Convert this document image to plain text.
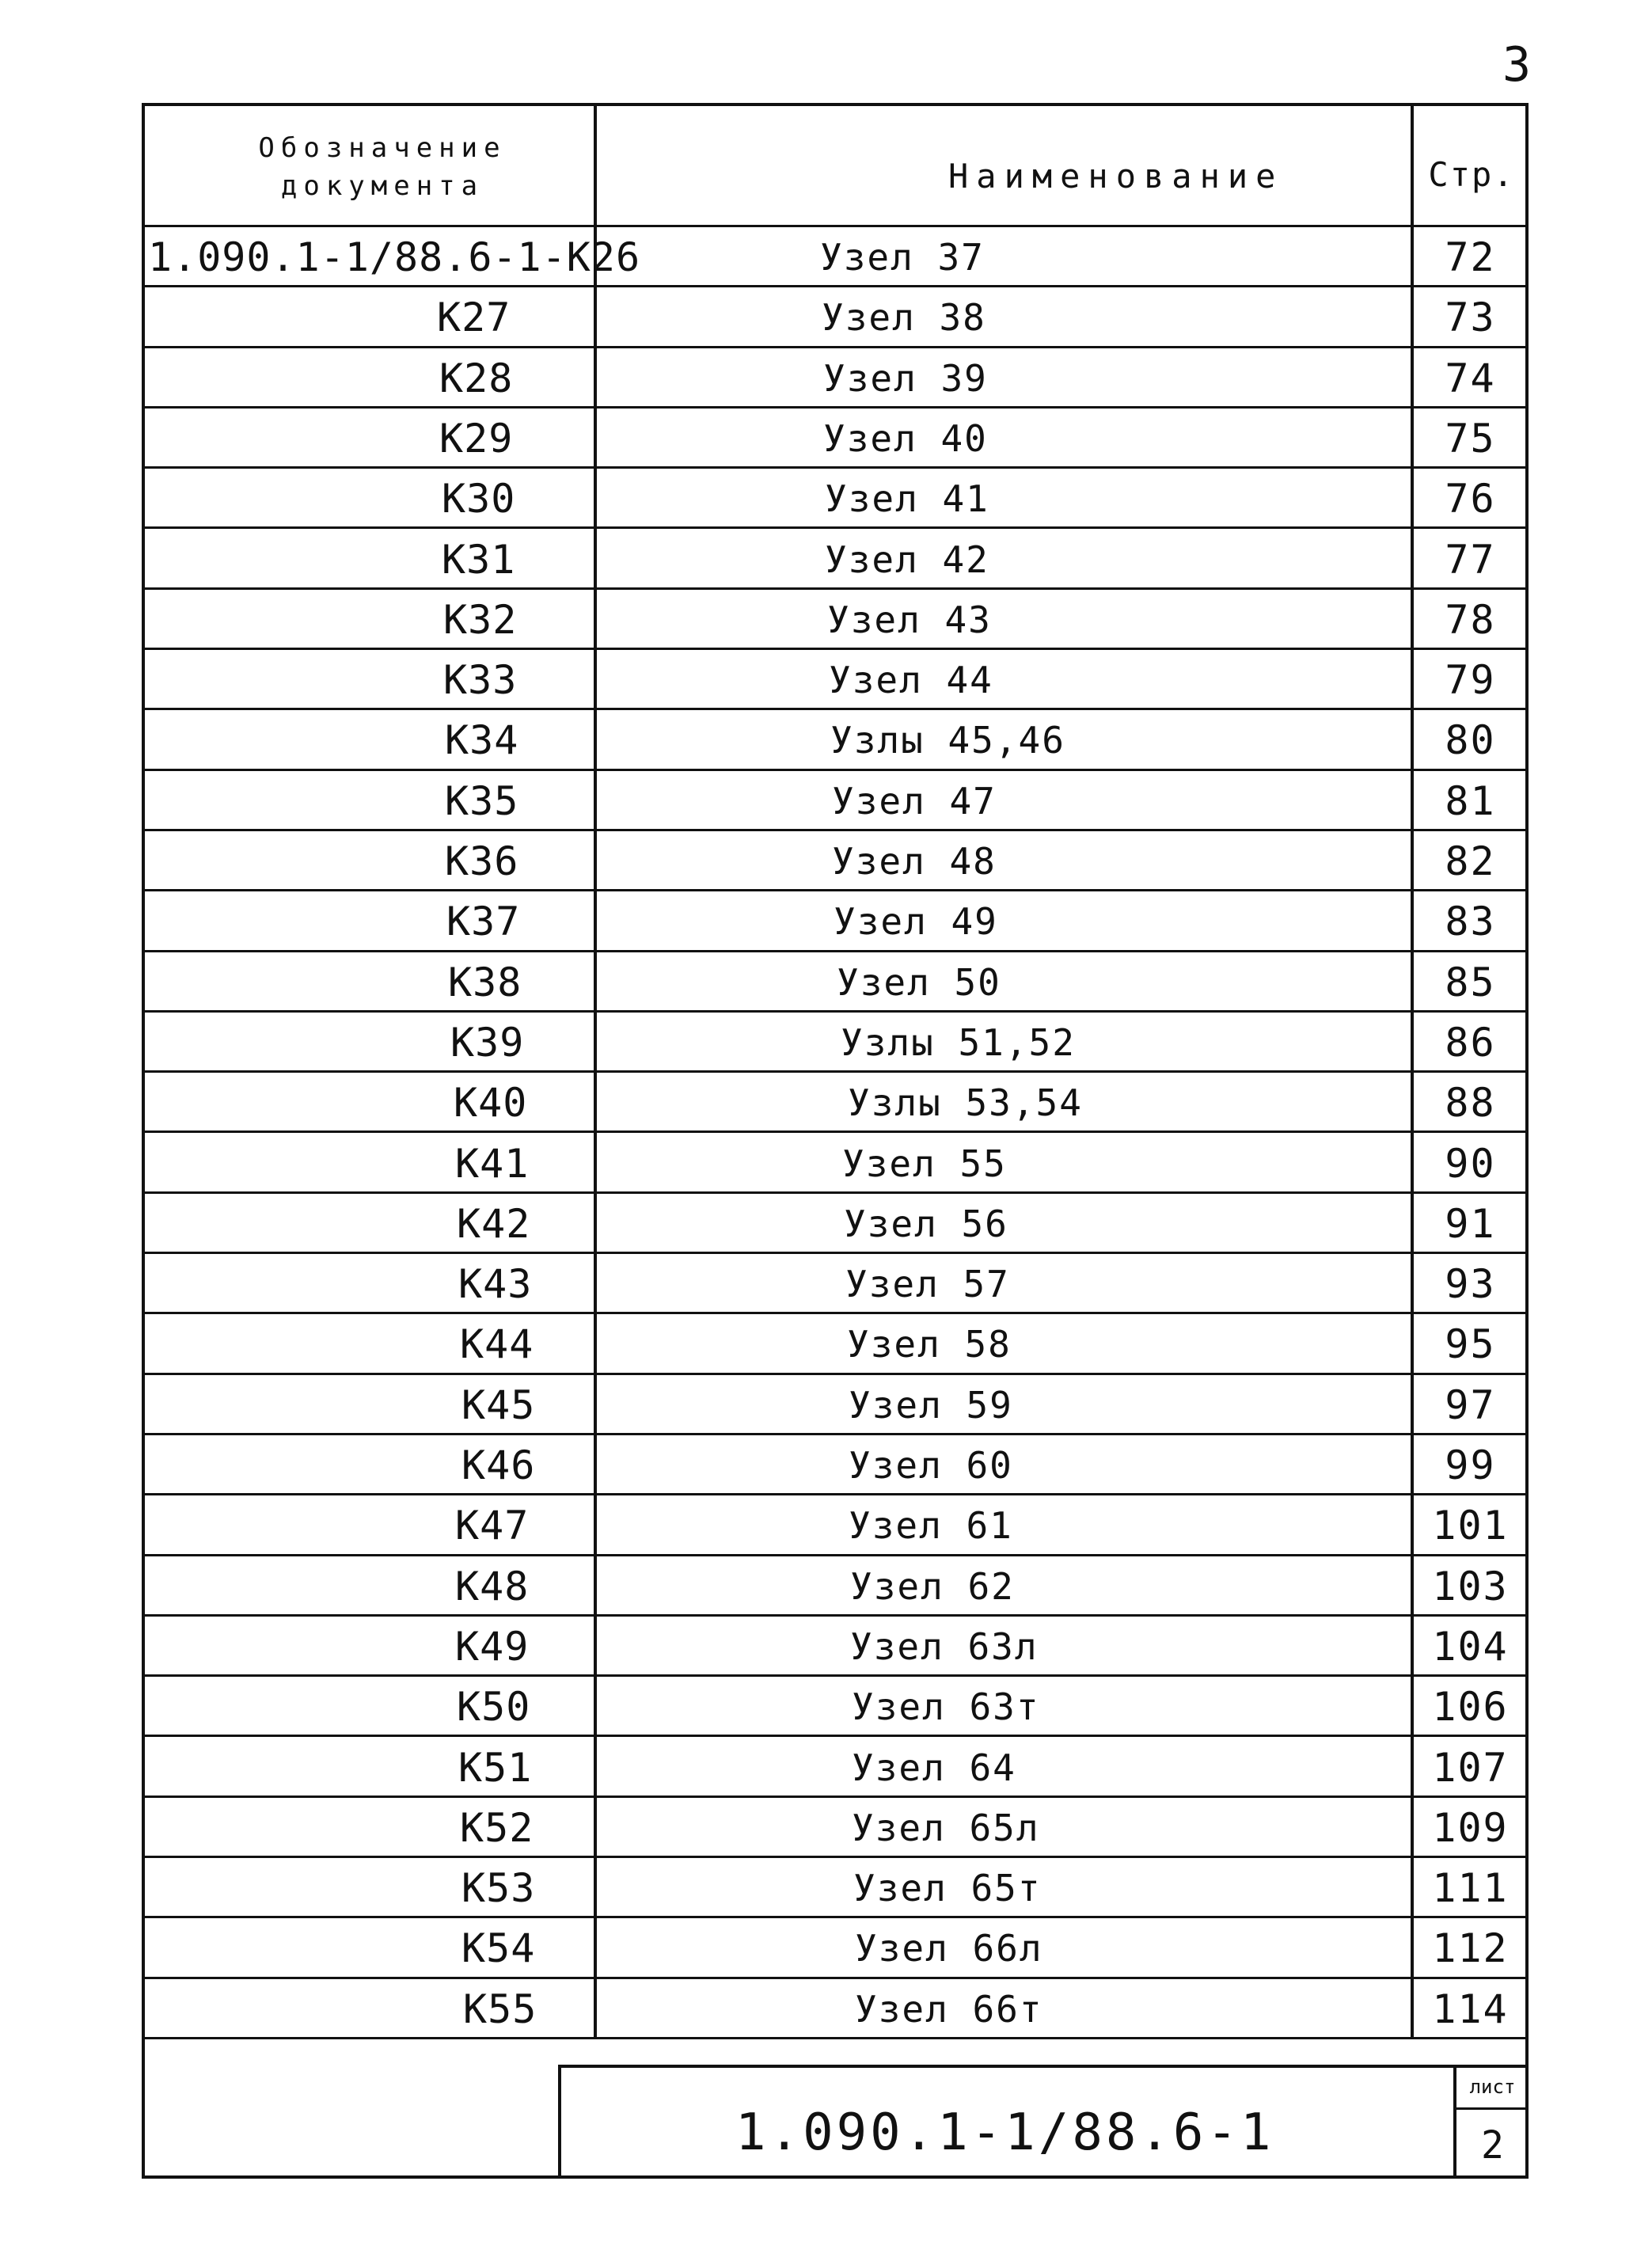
3
Обозначение
документа	Наименование	Стр.
1.090.1-1/88.6-1-К26	Узел 37	72
К27	Узел 38	73
К28	Узел 39	74
К29	Узел 40	75
К30	Узел 41	76
К31	Узел 42	77
К32	Узел 43	78
К33	Узел 44	79
К34	Узлы 45,46	80
К35	Узел 47	81
К36	Узел 48	82
К37	Узел 49	83
К38	Узел 50	85
К39	Узлы 51,52	86
К40	Узлы 53,54	88
К41	Узел 55	90
К42	Узел 56	91
К43	Узел 57	93
К44	Узел 58	95
К45	Узел 59	97
К46	Узел 60	99
К47	Узел 61	101
К48	Узел 62	103
К49	Узел 63л	104
К50	Узел 63т	106
К51	Узел 64	107
К52	Узел 65л	109
К53	Узел 65т	111
К54	Узел 66л	112
К55	Узел 66т	114
1.090.1-1/88.6-1
лист
2
